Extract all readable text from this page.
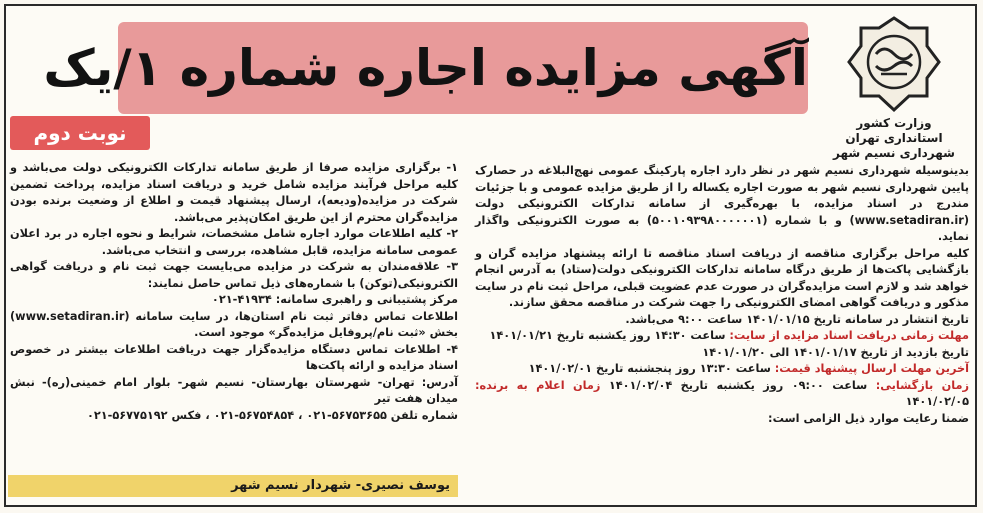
آگهی مزایده اجاره شماره ۱/یک
وزارت کشور
استانداری تهران
شهرداری نسیم شهر
نوبت دوم

بدینوسیله شهرداری نسیم شهر در نظر دارد اجاره پارکینگ عمومی نهج‌البلاغه در حصارک پایین شهرداری نسیم شهر به صورت اجاره یکساله را از طریق مزایده عمومی و با جزئیات مندرج در اسناد مزایده، با بهره‌گیری از سامانه تدارکات الکترونیکی دولت (www.setadiran.ir) و با شماره (۵۰۰۱۰۹۳۹۸۰۰۰۰۰۰۱) به صورت الکترونیکی واگذار نماید.

کلیه مراحل برگزاری مناقصه از دریافت اسناد مناقصه تا ارائه پیشنهاد مزایده گران و بازگشایی پاکت‌ها از طریق درگاه سامانه تدارکات الکترونیکی دولت(ستاد) به آدرس انجام خواهد شد و لازم است مزایده‌گران در صورت عدم عضویت قبلی، مراحل ثبت نام در سایت مذکور و دریافت گواهی امضای الکترونیکی را جهت شرکت در مناقصه محقق سازند.

تاریخ انتشار در سامانه تاریخ ۱۴۰۱/۰۱/۱۵ ساعت ۹:۰۰ می‌باشد.

مهلت زمانی دریافت اسناد مزایده از سایت: ساعت ۱۴:۳۰ روز یکشنبه تاریخ ۱۴۰۱/۰۱/۲۱

تاریخ بازدید از تاریخ ۱۴۰۱/۰۱/۱۷ الی ۱۴۰۱/۰۱/۲۰

آخرین مهلت ارسال پیشنهاد قیمت: ساعت ۱۳:۳۰ روز پنجشنبه تاریخ ۱۴۰۱/۰۲/۰۱

زمان بازگشایی: ساعت ۰۹:۰۰ روز یکشنبه تاریخ ۱۴۰۱/۰۲/۰۴ زمان اعلام به برنده: ۱۴۰۱/۰۲/۰۵

ضمنا رعایت موارد ذیل الزامی است:

۱- برگزاری مزایده صرفا از طریق سامانه تدارکات الکترونیکی دولت می‌باشد و کلیه مراحل فرآیند مزایده شامل خرید و دریافت اسناد مزایده، پرداخت تضمین شرکت در مزایده(ودیعه)، ارسال پیشنهاد قیمت و اطلاع از وضعیت برنده بودن مزایده‌گران محترم از این طریق امکان‌پذیر می‌باشد.

۲- کلیه اطلاعات موارد اجاره شامل مشخصات، شرایط و نحوه اجاره در برد اعلان عمومی سامانه مزایده، قابل مشاهده، بررسی و انتخاب می‌باشد.

۳- علاقه‌مندان به شرکت در مزایده می‌بایست جهت ثبت نام و دریافت گواهی الکترونیکی(توکن) با شماره‌های ذیل تماس حاصل نمایند:

مرکز پشتیبانی و راهبری سامانه: ۴۱۹۳۴-۰۲۱

اطلاعات تماس دفاتر ثبت نام استان‌ها، در سایت سامانه (www.setadiran.ir) بخش «ثبت نام/پروفایل مزایده‌گر» موجود است.

۴- اطلاعات تماس دستگاه مزایده‌گزار جهت دریافت اطلاعات بیشتر در خصوص اسناد مزایده و ارائه پاکت‌ها

آدرس: تهران- شهرستان بهارستان- نسیم شهر- بلوار امام خمینی(ره)- نبش میدان هفت تیر

شماره تلفن ۵۶۷۵۳۶۵۵-۰۲۱ ، ۵۶۷۵۴۸۵۴-۰۲۱ ، فکس ۵۶۷۷۵۱۹۲-۰۲۱

یوسف نصیری- شهردار نسیم شهر
